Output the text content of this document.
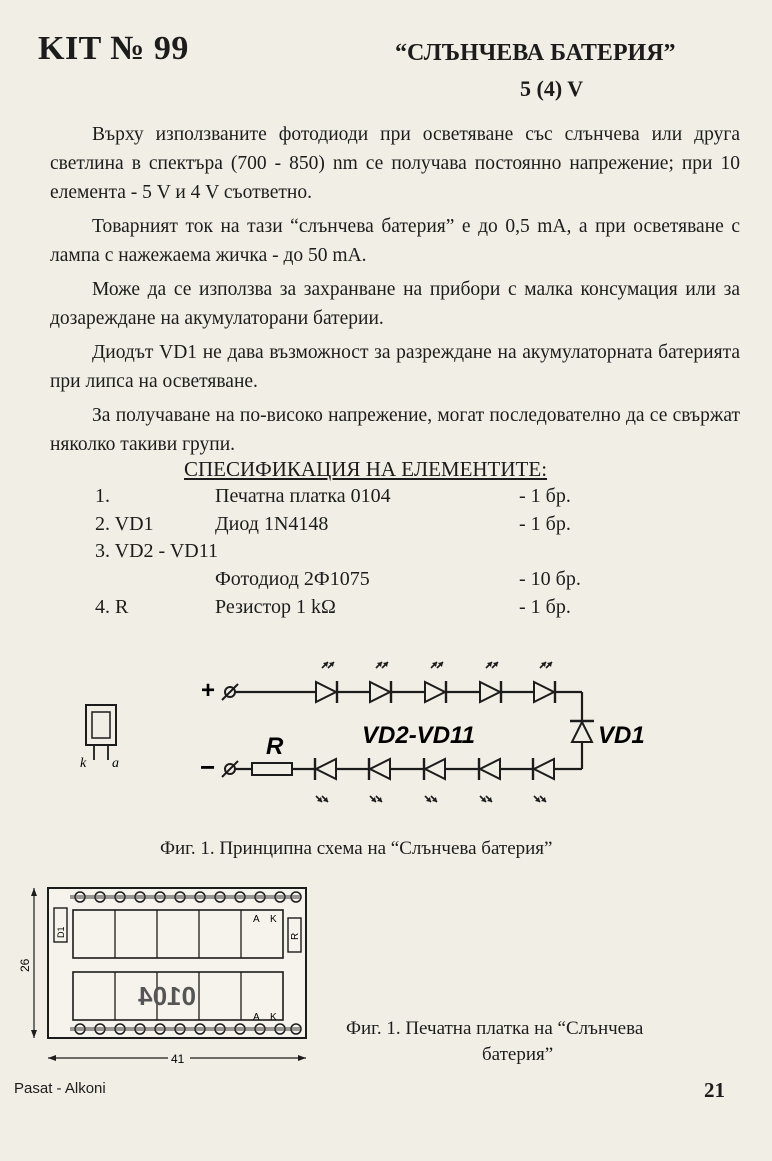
KIT № 99	“СЛЪНЧЕВА БАТЕРИЯ”
5 (4) V

Върху използваните фотодиоди при осветяване със слънчева или друга светлина в спектъра (700 - 850) nm се получава постоянно напрежение; при 10 елемента - 5 V и 4 V съответно.

Товарният ток на тази “слънчева батерия” е до 0,5 mA, а при осветяване с лампа с нажежаема жичка - до 50 mA.

Може да се използва за захранване на прибори с малка консумация или за дозареждане на акумулаторани батерии.

Диодът VD1 не дава възможност за разреждане на акумулаторната батерията при липса на осветяване.

За получаване на по-високо напрежение, могат последователно да се свържат няколко такиви групи.

СПЕСИФИКАЦИЯ НА ЕЛЕМЕНТИТЕ:
1.	Печатна платка 0104	- 1 бр.
2. VD1	Диод 1N4148	- 1 бр.
3. VD2 - VD11
Фотодиод 2Ф1075	- 10 бр.
4. R	Резистор 1 kΩ	- 1 бр.
k a
+
−
VD1
VD2-VD11
R
Фиг. 1. Принципна схема на “Слънчева батерия”
D1	R
A K
A K
0104
26
41
Фиг. 1. Печатна платка на “Слънчева
батерия”
Pasat - Alkoni	21
